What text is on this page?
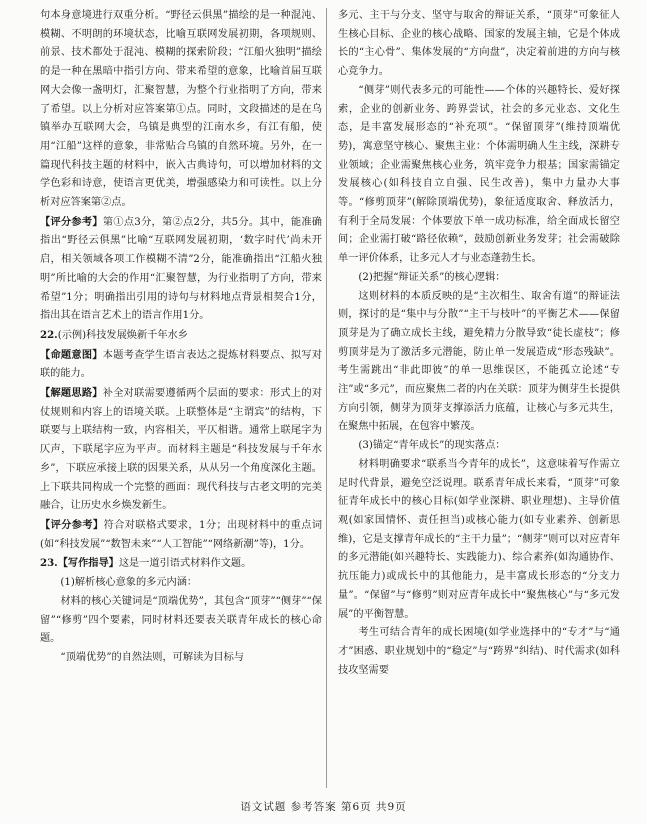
句本身意境进行双重分析。“野径云俱黑”描绘的是一种混沌、模糊、不明朗的环境状态，比喻互联网发展初期，各项规则、前景、技术都处于混沌、模糊的探索阶段；“江船火独明”描绘的是一种在黑暗中指引方向、带来希望的意象，比喻首届互联网大会像一盏明灯，汇聚智慧，为整个行业指明了方向，带来了希望。以上分析对应答案第①点。同时，文段描述的是在乌镇举办互联网大会，乌镇是典型的江南水乡，有江有船，使用“江船”这样的意象，非常贴合乌镇的自然环境。另外，在一篇现代科技主题的材料中，嵌入古典诗句，可以增加材料的文学色彩和诗意，使语言更优美，增强感染力和可读性。以上分析对应答案第②点。

【评分参考】第①点3分，第②点2分，共5分。其中，能准确指出“野径云俱黑”比喻“互联网发展初期，‘数字时代’尚未开启，相关领域各项工作模糊不清”2分，能准确指出“江船火独明”所比喻的大会的作用“汇聚智慧，为行业指明了方向，带来希望”1分；明确指出引用的诗句与材料地点背景相契合1分，指出其在语言艺术上的语言作用1分。

22.(示例)科技发展焕新千年水乡

【命题意图】本题考查学生语言表达之提炼材料要点、拟写对联的能力。

【解题思路】补全对联需要遵循两个层面的要求：形式上的对仗规则和内容上的语境关联。上联整体是“主谓宾”的结构，下联要与上联结构一致，内容相关，平仄相谐。通常上联尾字为仄声，下联尾字应为平声。而材料主题是“科技发展与千年水乡”，下联应承接上联的因果关系，从从另一个角度深化主题。上下联共同构成一个完整的画面：现代科技与古老文明的完美融合，让历史水乡焕发新生。

【评分参考】符合对联格式要求，1分；出现材料中的重点词(如“科技发展”“数智未来”“人工智能”“网络新潮”等)，1分。

23.【写作指导】这是一道引语式材料作文题。

(1)解析核心意象的多元内涵：

材料的核心关键词是“顶端优势”，其包含“顶芽”“侧芽”“保留”“修剪”四个要素，同时材料还要表关联青年成长的核心命题。

“顶端优势”的自然法则，可解读为目标与

多元、主干与分支、坚守与取舍的辩证关系，“顶芽”可象征人生核心目标、企业的核心战略、国家的发展主轴，它是个体成长的“主心骨”、集体发展的“方向盘”，决定着前进的方向与核心竞争力。

“侧芽”则代表多元的可能性——个体的兴趣特长、爱好探索，企业的创新业务、跨界尝试，社会的多元业态、文化生态，是丰富发展形态的“补充项”。“保留顶芽”(维持顶端优势)，寓意坚守核心、聚焦主业：个体需明确人生主线，深耕专业领域；企业需聚焦核心业务，筑牢竞争力根基；国家需锚定发展核心(如科技自立自强、民生改善)，集中力量办大事等。“修剪顶芽”(解除顶端优势)，象征适度取舍、释放活力，有利于全局发展：个体要放下单一成功标准，给全面成长留空间；企业需打破“路径依赖”，鼓励创新业务发芽；社会需破除单一评价体系，让多元人才与业态蓬勃生长。

(2)把握“辩证关系”的核心逻辑：

这则材料的本质反映的是“主次相生、取舍有道”的辩证法则，探讨的是“集中与分散”“主干与枝叶”的平衡艺术——保留顶芽是为了确立成长主线，避免精力分散导致“徒长虚枝”；修剪顶芽是为了激活多元潜能，防止单一发展造成“形态残缺”。考生需跳出“非此即彼”的单一思维误区，不能孤立论述“专注”或“多元”，而应聚焦二者的内在关联：顶芽为侧芽生长提供方向引领，侧芽为顶芽支撑添活力底蕴，让核心与多元共生，在聚焦中拓展，在包容中繁茂。

(3)锚定“青年成长”的现实落点：

材料明确要求“联系当今青年的成长”，这意味着写作需立足时代背景，避免空泛说理。联系青年成长来看，“顶芽”可象征青年成长中的核心目标(如学业深耕、职业理想)、主导价值观(如家国情怀、责任担当)或核心能力(如专业素养、创新思维)，它是支撑青年成长的“主干力量”；“侧芽”则可以对应青年的多元潜能(如兴趣特长、实践能力)、综合素养(如沟通协作、抗压能力)或成长中的其他能力，是丰富成长形态的“分支力量”。“保留”与“修剪”则对应青年成长中“聚焦核心”与“多元发展”的平衡智慧。

考生可结合青年的成长困境(如学业选择中的“专才”与“通才”困惑、职业规划中的“稳定”与“跨界”纠结)、时代需求(如科技攻坚需要

语文试题 参考答案 第6页 共9页
